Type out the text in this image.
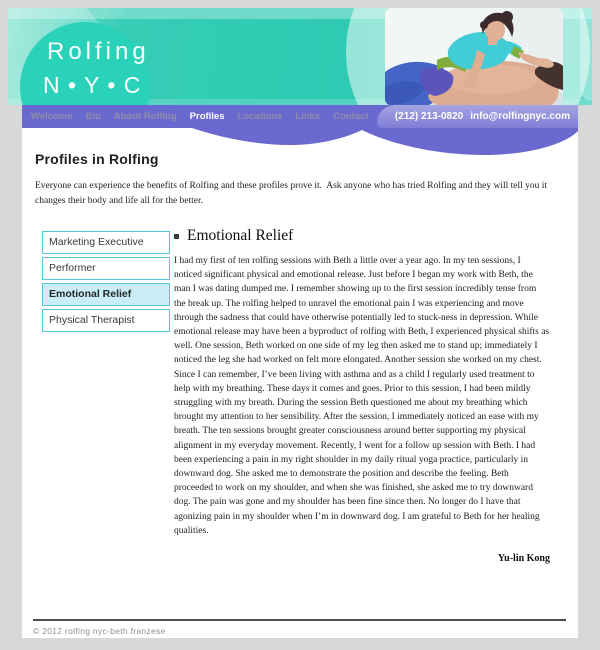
Rolfing
N • Y • C
Profiles in Rolfing
Everyone can experience the benefits of Rolfing and these profiles prove it.  Ask anyone who has tried Rolfing and they will tell you it changes their body and life all for the better.
Marketing Executive
Performer
Emotional Relief
Physical Therapist
Emotional Relief
I had my first of ten rolfing sessions with Beth a little over a year ago. In my ten sessions, I noticed significant physical and emotional release. Just before I began my work with Beth, the man I was dating dumped me. I remember showing up to the first session incredibly tense from the break up. The rolfing helped to unravel the emotional pain I was experiencing and move through the sadness that could have otherwise potentially led to stuck-ness in depression. While emotional release may have been a byproduct of rolfing with Beth, I experienced physical shifts as well. One session, Beth worked on one side of my leg then asked me to stand up; immediately I noticed the leg she had worked on felt more elongated. Another session she worked on my chest. Since I can remember, I’ve been living with asthma and as a child I regularly used treatment to help with my breathing. These days it comes and goes. Prior to this session, I had been mildly struggling with my breath. During the session Beth questioned me about my breathing which brought my attention to her sensibility. After the session, I immediately noticed an ease with my breath. The ten sessions brought greater consciousness around better supporting my physical alignment in my everyday movement. Recently, I went for a follow up session with Beth. I had been experiencing a pain in my right shoulder in my daily ritual yoga practice, particularly in downward dog. She asked me to demonstrate the position and describe the feeling. Beth proceeded to work on my shoulder, and when she was finished, she asked me to try downward dog. The pain was gone and my shoulder has been fine since then. No longer do I have that agonizing pain in my shoulder when I’m in downward dog. I am grateful to Beth for her healing qualities.
Yu-lin Kong
© 2012 rolfing nyc-beth franzese
Welcome Bio About Rolfing Profiles Locations Links Contact	(212) 213-0820 info@rolfingnyc.com
